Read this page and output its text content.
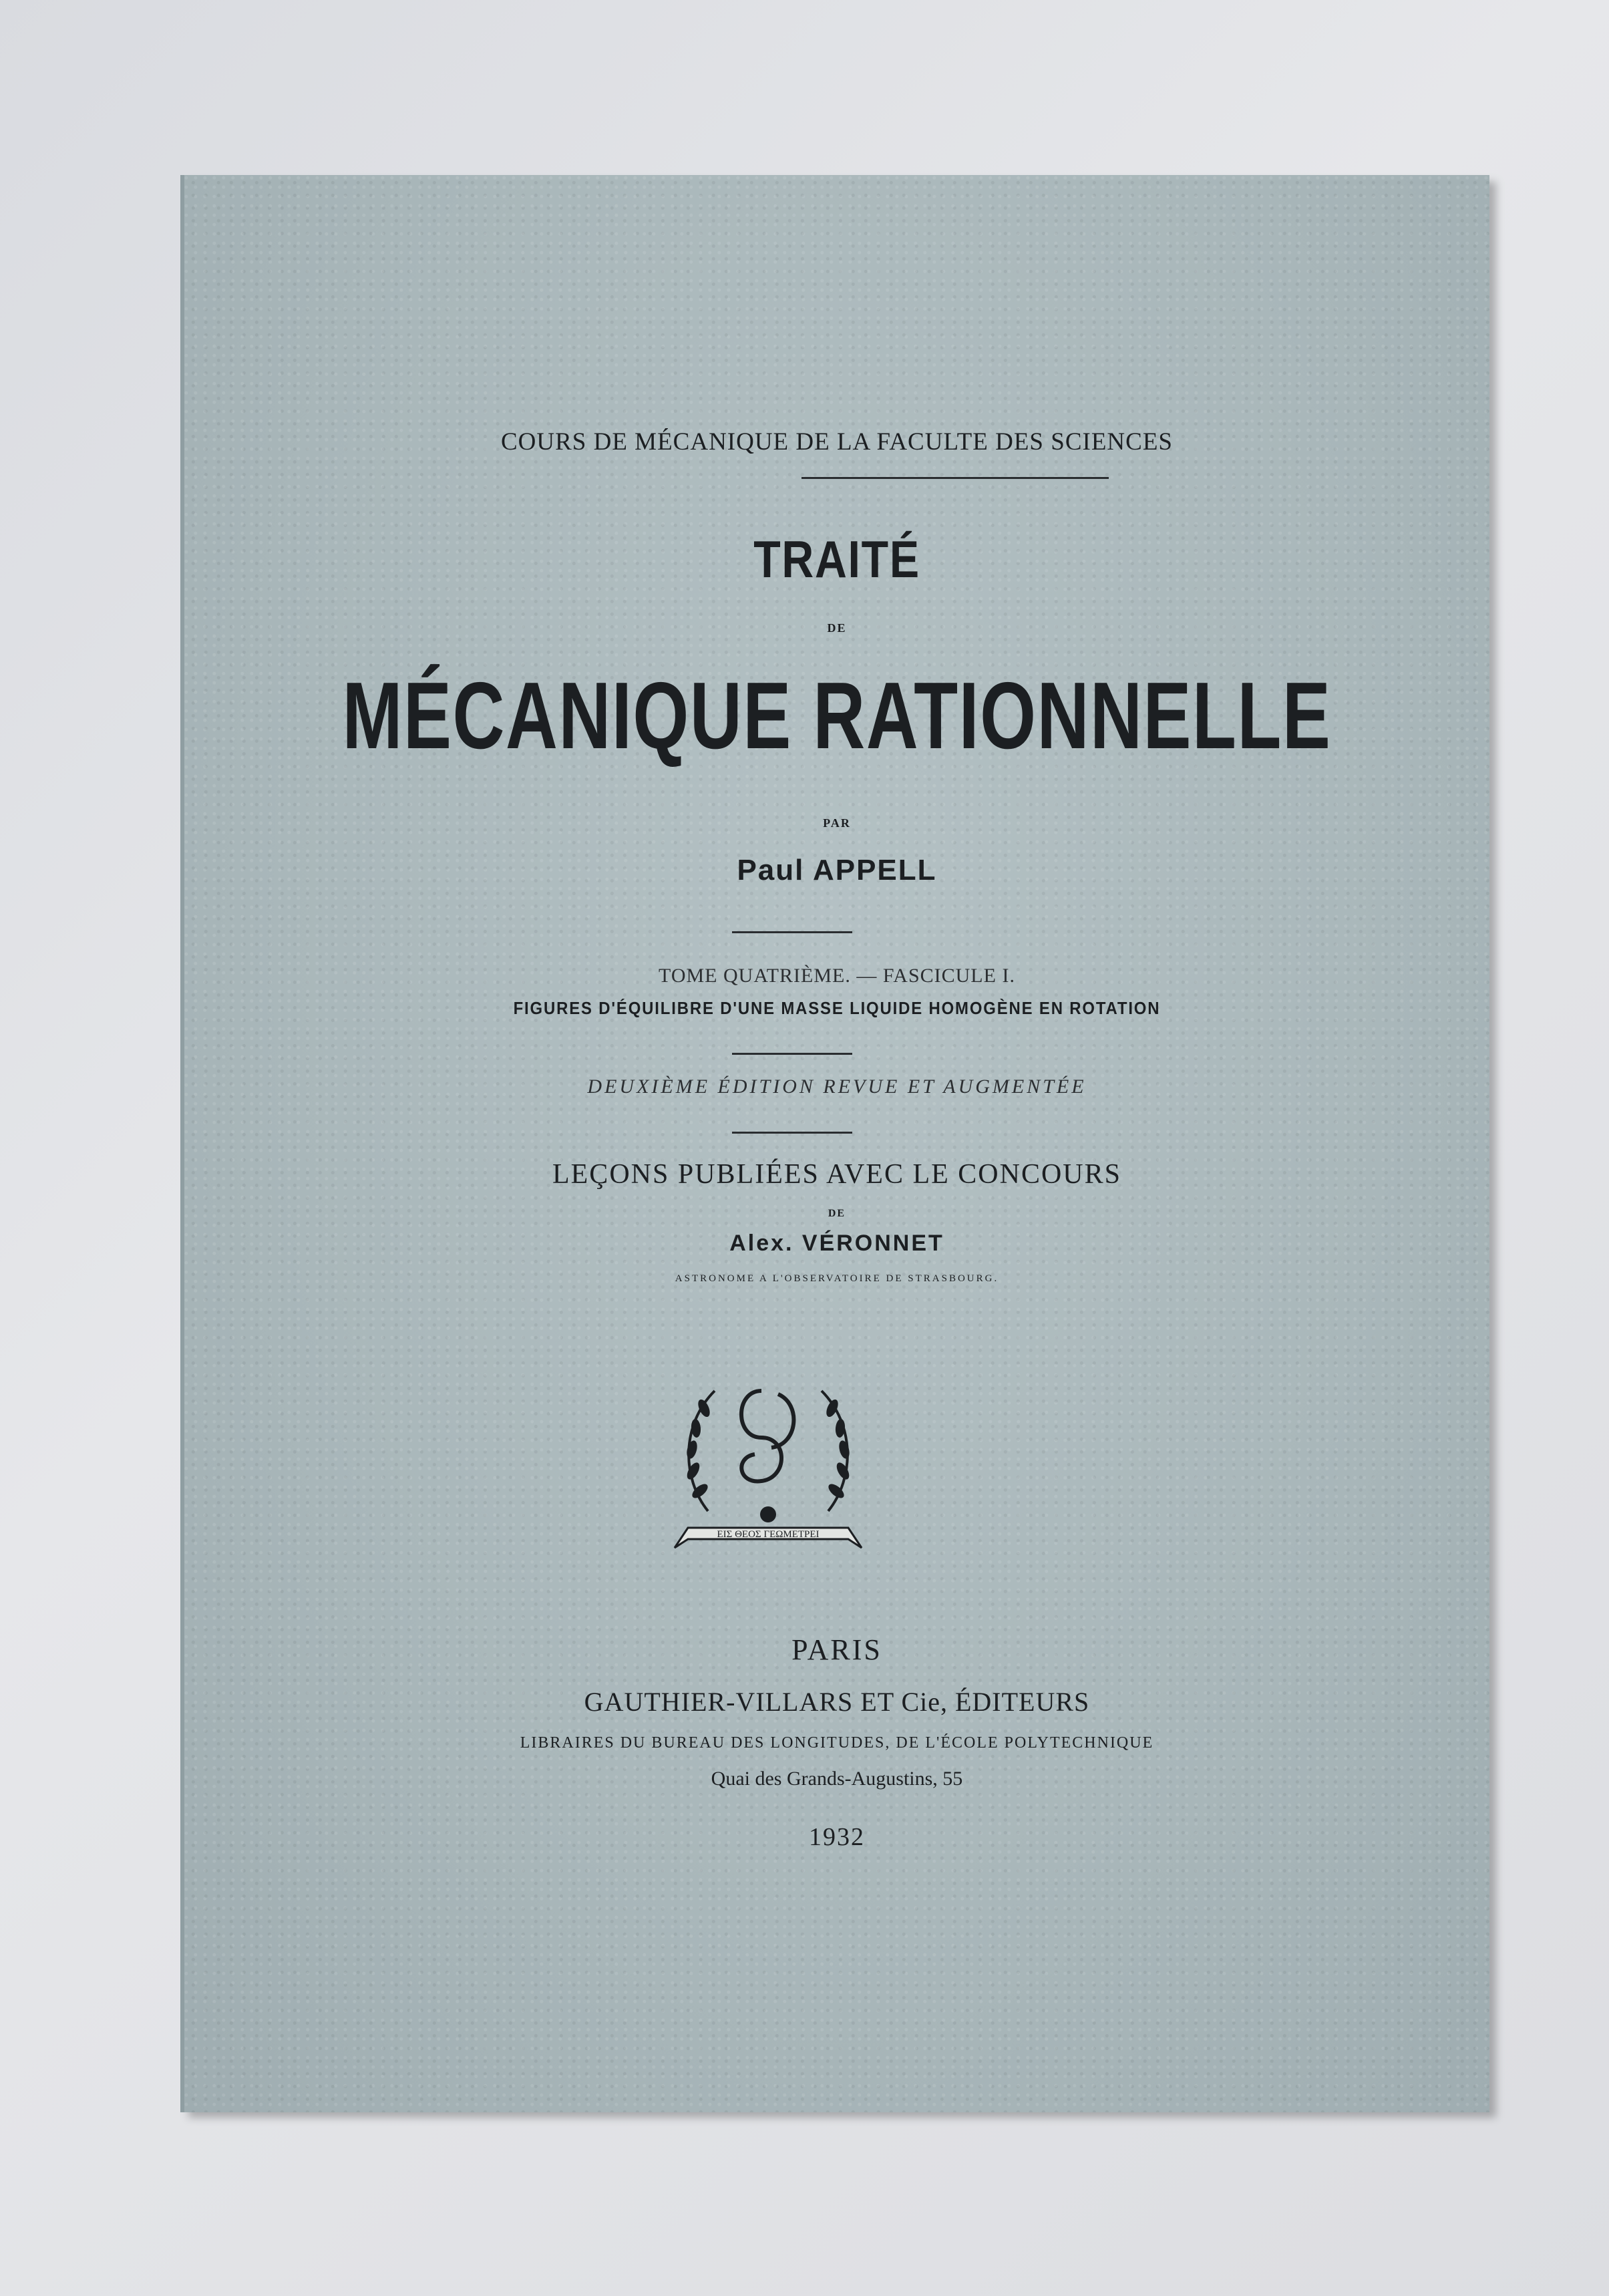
COURS DE MÉCANIQUE DE LA FACULTE DES SCIENCES
TRAITÉ
DE
MÉCANIQUE RATIONNELLE
PAR
Paul APPELL
TOME QUATRIÈME. — FASCICULE I.
FIGURES D'ÉQUILIBRE D'UNE MASSE LIQUIDE HOMOGÈNE EN ROTATION
DEUXIÈME ÉDITION REVUE ET AUGMENTÉE
LEÇONS PUBLIÉES AVEC LE CONCOURS
DE
Alex. VÉRONNET
ASTRONOME A L'OBSERVATOIRE DE STRASBOURG.
ΕΙΣ ΘΕΟΣ ΓΕΩΜΕΤΡΕΙ
PARIS
GAUTHIER-VILLARS ET Cie, ÉDITEURS
LIBRAIRES DU BUREAU DES LONGITUDES, DE L'ÉCOLE POLYTECHNIQUE
Quai des Grands-Augustins, 55
1932
